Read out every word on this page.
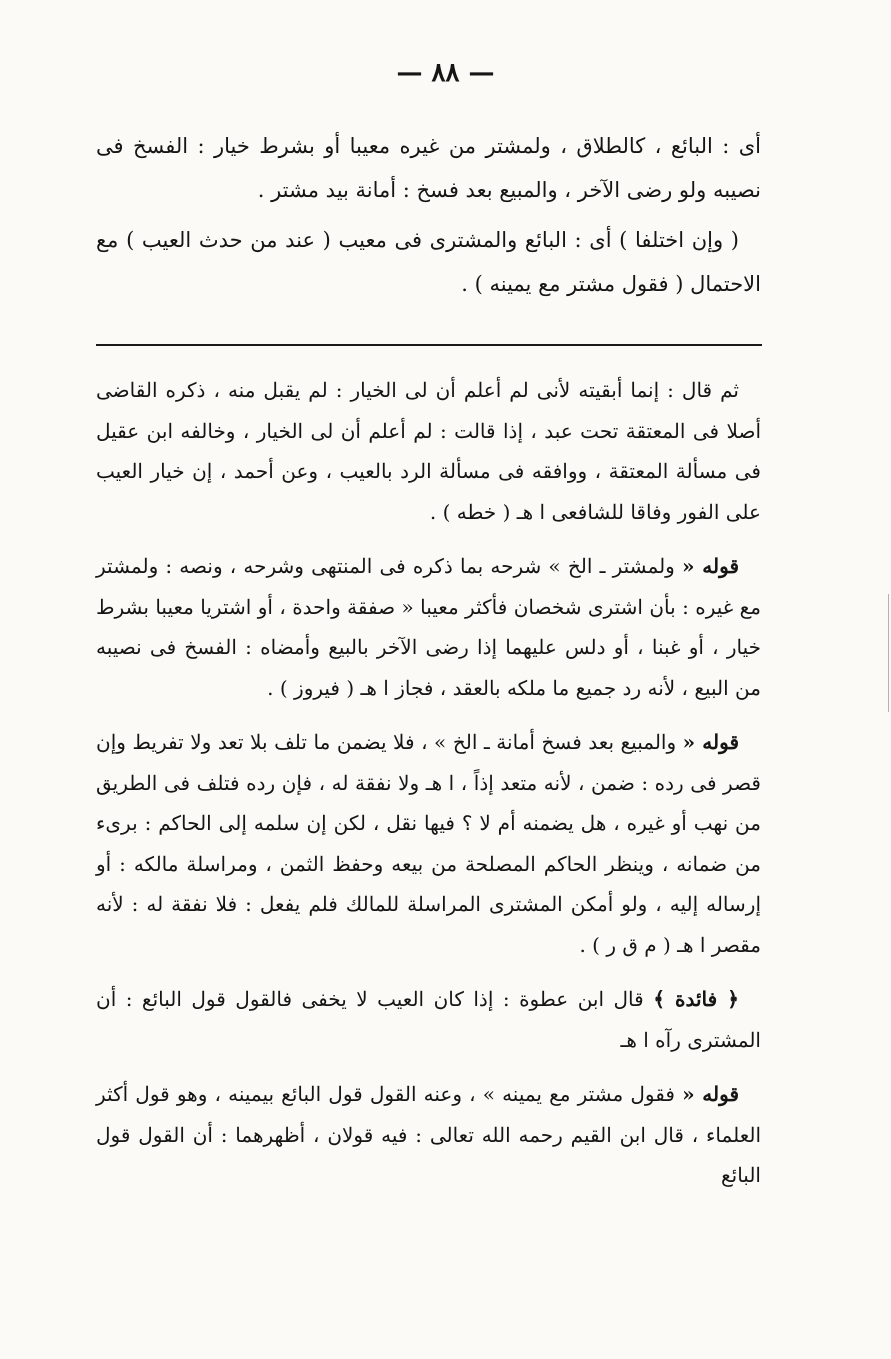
— ٨٨ —

أى : البائع ، كالطلاق ، ولمشتر من غيره معيبا أو بشرط خيار : الفسخ فى نصيبه ولو رضى الآخر ، والمبيع بعد فسخ : أمانة بيد مشتر .

( وإن اختلفا ) أى : البائع والمشترى فى معيب ( عند من حدث العيب ) مع الاحتمال ( فقول مشتر مع يمينه ) .

ثم قال : إنما أبقيته لأنى لم أعلم أن لى الخيار : لم يقبل منه ، ذكره القاضى أصلا فى المعتقة تحت عبد ، إذا قالت : لم أعلم أن لى الخيار ، وخالفه ابن عقيل فى مسألة المعتقة ، ووافقه فى مسألة الرد بالعيب ، وعن أحمد ، إن خيار العيب على الفور وفاقا للشافعى ا هـ ( خطه ) .

قوله « ولمشتر ـ الخ » شرحه بما ذكره فى المنتهى وشرحه ، ونصه : ولمشتر مع غيره : بأن اشترى شخصان فأكثر معيبا « صفقة واحدة ، أو اشتريا معيبا بشرط خيار ، أو غبنا ، أو دلس عليهما إذا رضى الآخر بالبيع وأمضاه : الفسخ فى نصيبه من البيع ، لأنه رد جميع ما ملكه بالعقد ، فجاز ا هـ ( فيروز ) .

قوله « والمبيع بعد فسخ أمانة ـ الخ » ، فلا يضمن ما تلف بلا تعد ولا تفريط وإن قصر فى رده : ضمن ، لأنه متعد إذاً ، ا هـ ولا نفقة له ، فإن رده فتلف فى الطريق من نهب أو غيره ، هل يضمنه أم لا ؟ فيها نقل ، لكن إن سلمه إلى الحاكم : برىء من ضمانه ، وينظر الحاكم المصلحة من بيعه وحفظ الثمن ، ومراسلة مالكه : أو إرساله إليه ، ولو أمكن المشترى المراسلة للمالك فلم يفعل : فلا نفقة له : لأنه مقصر ا هـ ( م ق ر ) .

﴿ فائدة ﴾ قال ابن عطوة : إذا كان العيب لا يخفى فالقول قول البائع : أن المشترى رآه ا هـ

قوله « فقول مشتر مع يمينه » ، وعنه القول قول البائع بيمينه ، وهو قول أكثر العلماء ، قال ابن القيم رحمه الله تعالى : فيه قولان ، أظهرهما : أن القول قول البائع
